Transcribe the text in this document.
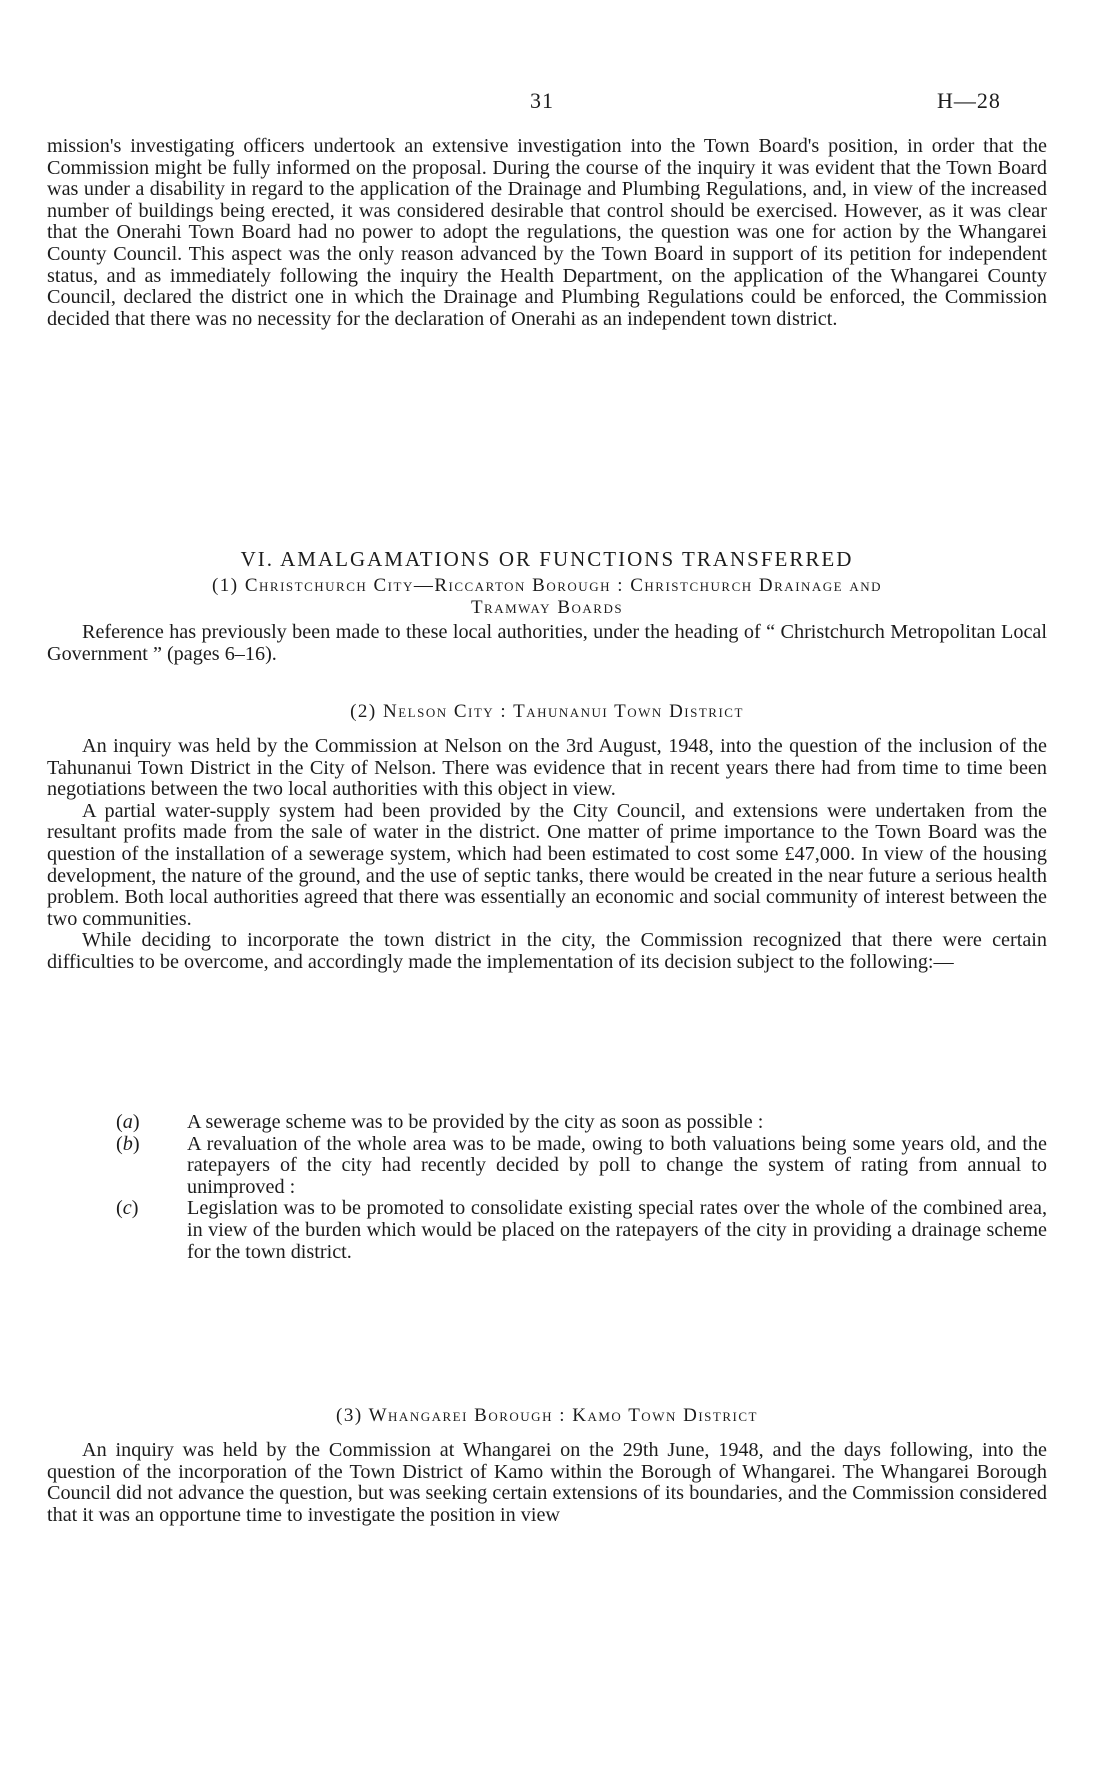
31	H—28

mission's investigating officers undertook an extensive investigation into the Town Board's position, in order that the Commission might be fully informed on the proposal. During the course of the inquiry it was evident that the Town Board was under a disability in regard to the application of the Drainage and Plumbing Regulations, and, in view of the increased number of buildings being erected, it was considered desirable that control should be exercised. However, as it was clear that the Onerahi Town Board had no power to adopt the regulations, the question was one for action by the Whangarei County Council. This aspect was the only reason advanced by the Town Board in support of its petition for independent status, and as immediately following the inquiry the Health Department, on the application of the Whangarei County Council, declared the district one in which the Drainage and Plumbing Regulations could be enforced, the Commission decided that there was no necessity for the declaration of Onerahi as an independent town district.

VI. AMALGAMATIONS OR FUNCTIONS TRANSFERRED
(1) Christchurch City—Riccarton Borough : Christchurch Drainage and
Tramway Boards

Reference has previously been made to these local authorities, under the heading of “ Christchurch Metropolitan Local Government ” (pages 6–16).

(2) Nelson City : Tahunanui Town District

An inquiry was held by the Commission at Nelson on the 3rd August, 1948, into the question of the inclusion of the Tahunanui Town District in the City of Nelson. There was evidence that in recent years there had from time to time been negotiations between the two local authorities with this object in view.

A partial water-supply system had been provided by the City Council, and extensions were undertaken from the resultant profits made from the sale of water in the district. One matter of prime importance to the Town Board was the question of the installation of a sewerage system, which had been estimated to cost some £47,000. In view of the housing development, the nature of the ground, and the use of septic tanks, there would be created in the near future a serious health problem. Both local authorities agreed that there was essentially an economic and social community of interest between the two communities.

While deciding to incorporate the town district in the city, the Commission recognized that there were certain difficulties to be overcome, and accordingly made the implementation of its decision subject to the following:—

(a) A sewerage scheme was to be provided by the city as soon as possible :
(b) A revaluation of the whole area was to be made, owing to both valuations being some years old, and the ratepayers of the city had recently decided by poll to change the system of rating from annual to unimproved :
(c) Legislation was to be promoted to consolidate existing special rates over the whole of the combined area, in view of the burden which would be placed on the ratepayers of the city in providing a drainage scheme for the town district.
(3) Whangarei Borough : Kamo Town District

An inquiry was held by the Commission at Whangarei on the 29th June, 1948, and the days following, into the question of the incorporation of the Town District of Kamo within the Borough of Whangarei. The Whangarei Borough Council did not advance the question, but was seeking certain extensions of its boundaries, and the Commission considered that it was an opportune time to investigate the position in view
